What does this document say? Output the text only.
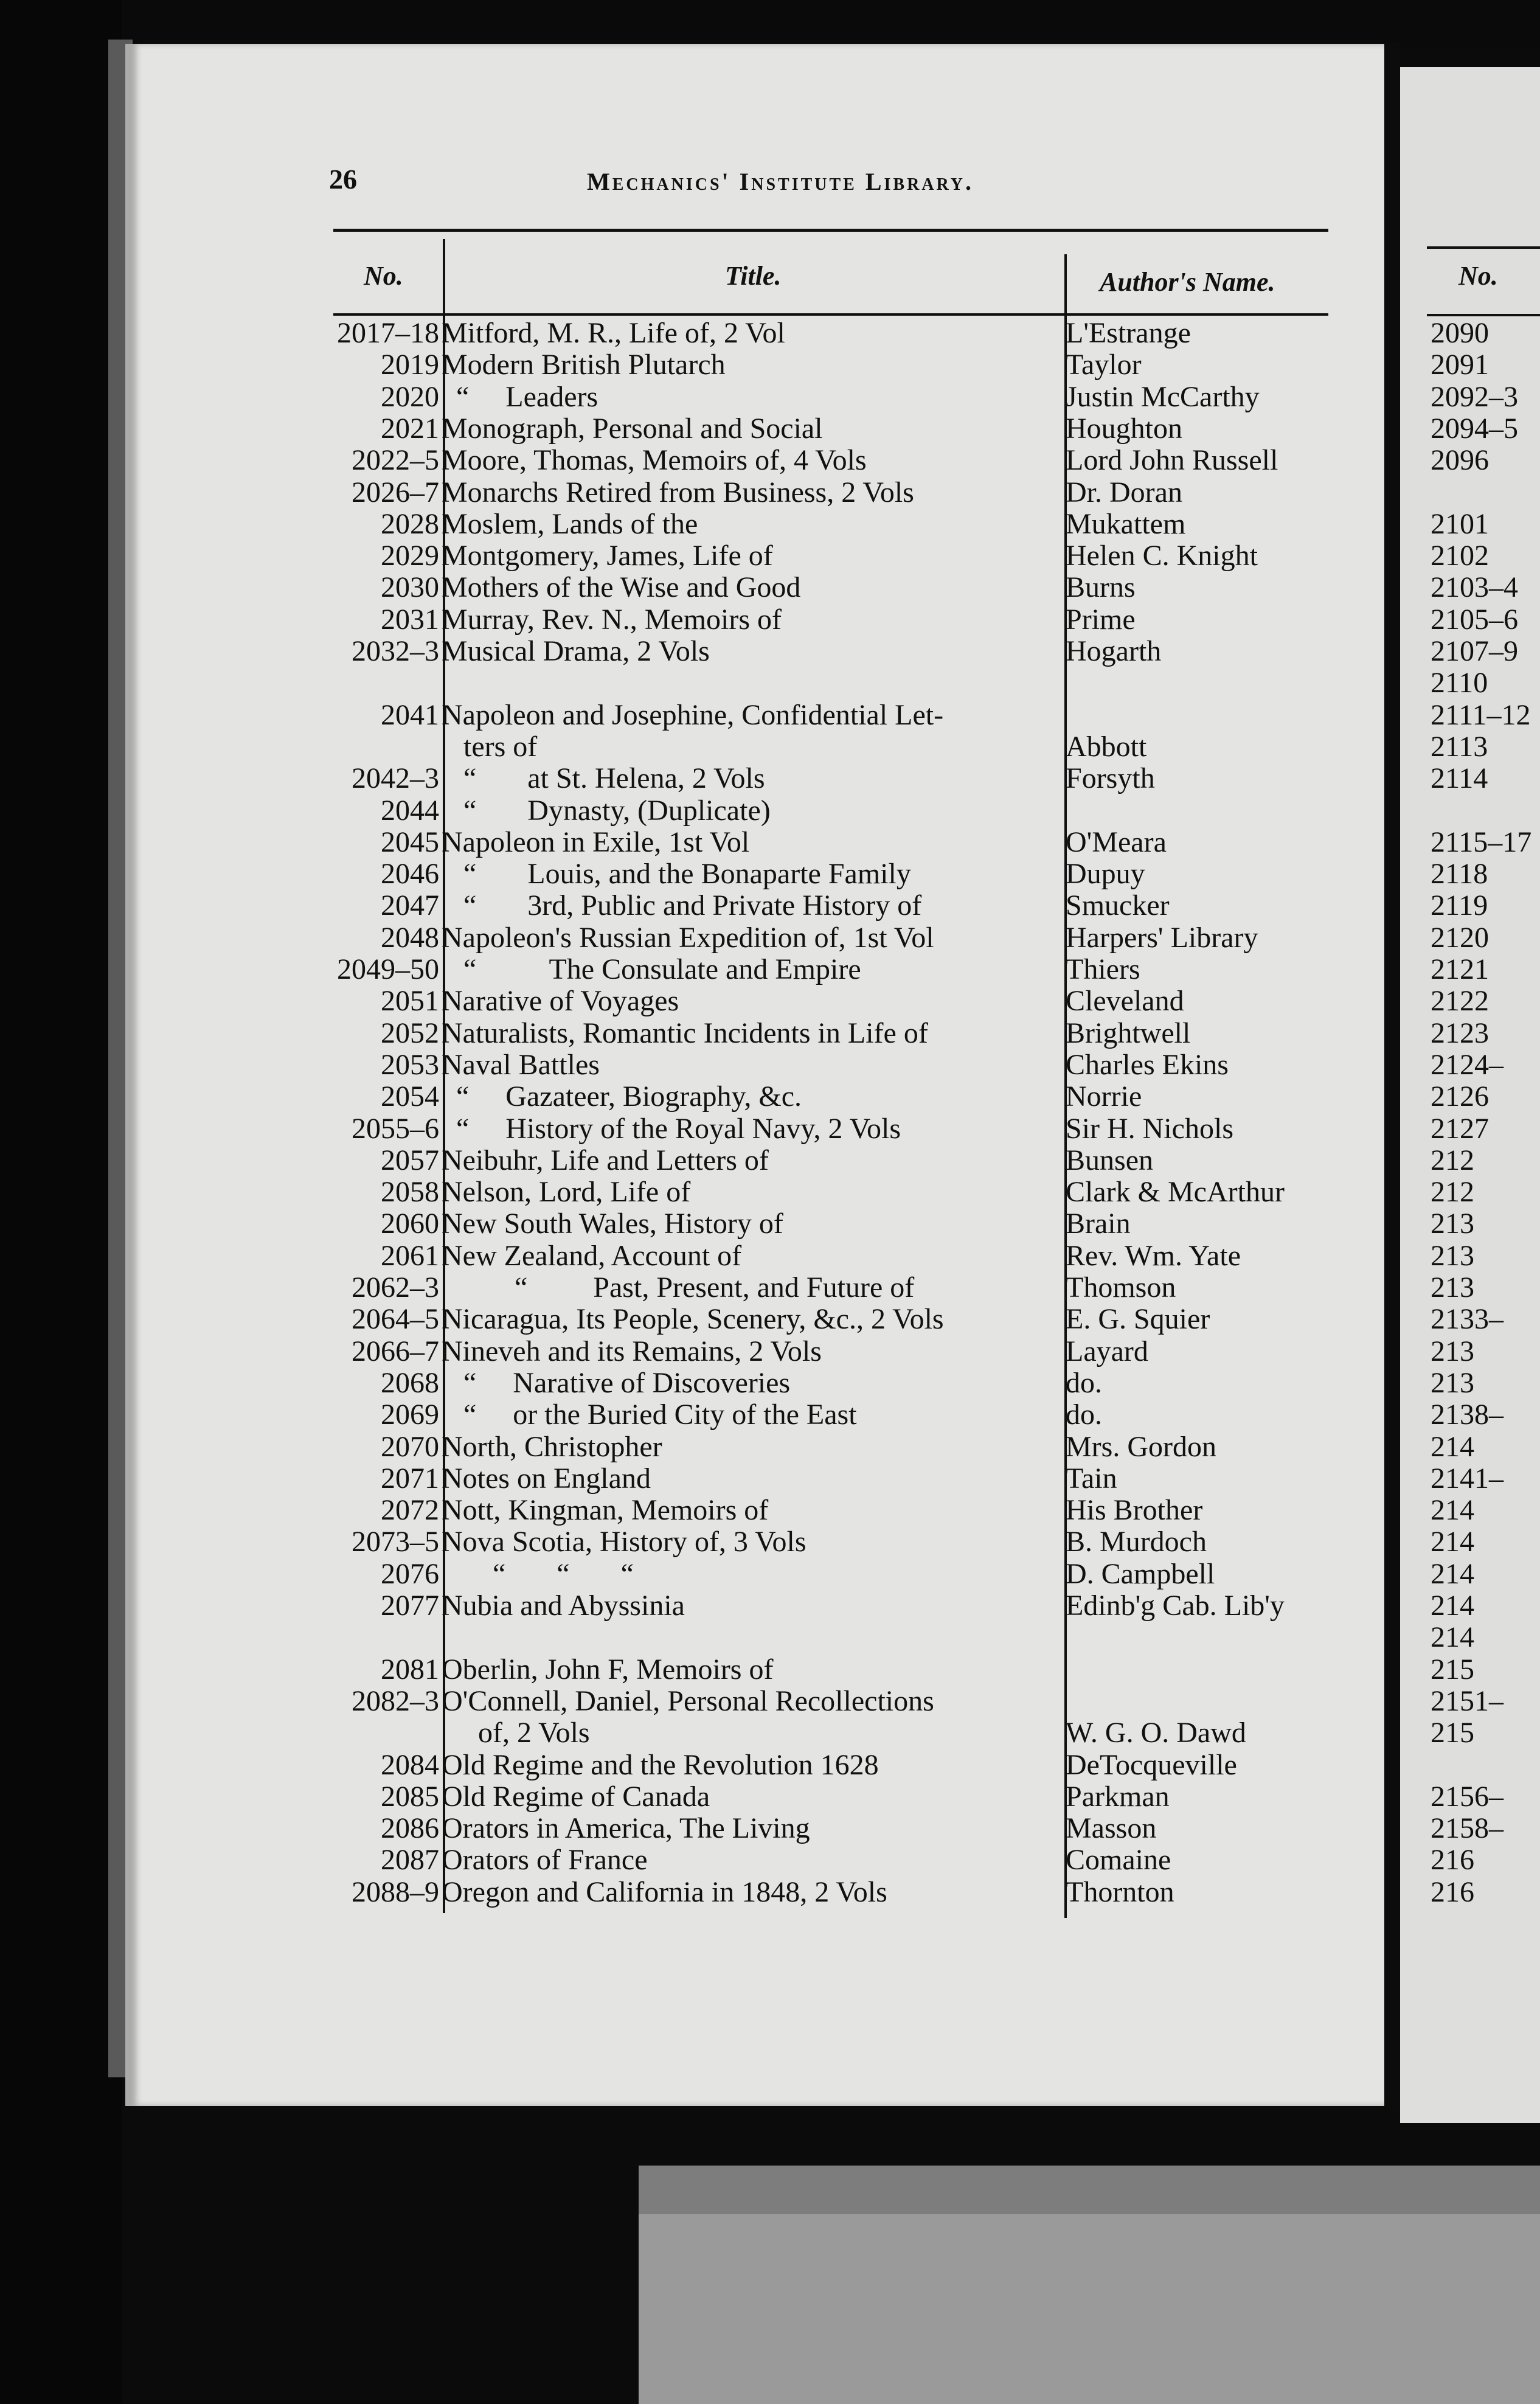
26	Mechanics' Institute Library.
No.	Title.	Author's Name.
2017–18 Mitford, M. R., Life of, 2 Vol	L'Estrange
2019 Modern British Plutarch	Taylor
2020 “     Leaders	Justin McCarthy
2021 Monograph, Personal and Social	Houghton
2022–5 Moore, Thomas, Memoirs of, 4 Vols	Lord John Russell
2026–7 Monarchs Retired from Business, 2 Vols	Dr. Doran
2028 Moslem, Lands of the	Mukattem
2029 Montgomery, James, Life of	Helen C. Knight
2030 Mothers of the Wise and Good	Burns
2031 Murray, Rev. N., Memoirs of	Prime
2032–3 Musical Drama, 2 Vols	Hogarth
2041 Napoleon and Josephine, Confidential Let-
ters of	Abbott
2042–3 “       at St. Helena, 2 Vols	Forsyth
2044 “       Dynasty, (Duplicate)
2045 Napoleon in Exile, 1st Vol	O'Meara
2046 “       Louis, and the Bonaparte Family	Dupuy
2047 “       3rd, Public and Private History of	Smucker
2048 Napoleon's Russian Expedition of, 1st Vol	Harpers' Library
2049–50 “          The Consulate and Empire	Thiers
2051 Narative of Voyages	Cleveland
2052 Naturalists, Romantic Incidents in Life of	Brightwell
2053 Naval Battles	Charles Ekins
2054 “     Gazateer, Biography, &c.	Norrie
2055–6 “     History of the Royal Navy, 2 Vols	Sir H. Nichols
2057 Neibuhr, Life and Letters of	Bunsen
2058 Nelson, Lord, Life of	Clark & McArthur
2060 New South Wales, History of	Brain
2061 New Zealand, Account of	Rev. Wm. Yate
2062–3 “         Past, Present, and Future of	Thomson
2064–5 Nicaragua, Its People, Scenery, &c., 2 Vols	E. G. Squier
2066–7 Nineveh and its Remains, 2 Vols	Layard
2068 “     Narative of Discoveries	do.
2069 “     or the Buried City of the East	do.
2070 North, Christopher	Mrs. Gordon
2071 Notes on England	Tain
2072 Nott, Kingman, Memoirs of	His Brother
2073–5 Nova Scotia, History of, 3 Vols	B. Murdoch
2076 “       “       “	D. Campbell
2077 Nubia and Abyssinia	Edinb'g Cab. Lib'y
2081 Oberlin, John F, Memoirs of
2082–3 O'Connell, Daniel, Personal Recollections
of, 2 Vols	W. G. O. Dawd
2084 Old Regime and the Revolution 1628	DeTocqueville
2085 Old Regime of Canada	Parkman
2086 Orators in America, The Living	Masson
2087 Orators of France	Comaine
2088–9 Oregon and California in 1848, 2 Vols	Thornton
No.
2090
2091
2092–3
2094–5
2096
2101
2102
2103–4
2105–6
2107–9
2110
2111–12
2113
2114
2115–17
2118
2119
2120
2121
2122
2123
2124–
2126
2127
212
212
213
213
213
2133–
213
213
2138–
214
2141–
214
214
214
214
214
215
2151–
215
2156–
2158–
216
216
